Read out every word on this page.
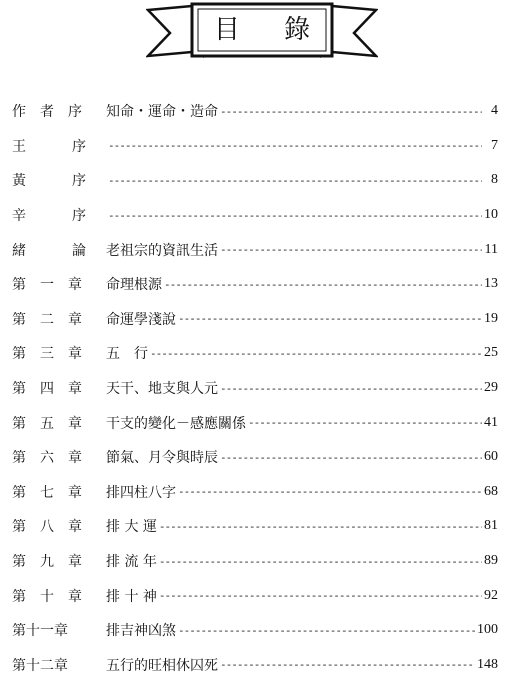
目 錄
作	者	序	知命・運命・造命 -----	4
王	序 -----	7
黃	序 -----	8
辛	序 -----	10
緒	論 老祖宗的資訊生活 -----	11
第	一	章	命理根源 -----	13
第	二	章	命運學淺說 -----	19
第	三	章	五　行 -----	25
第	四	章	天干、地支與人元 -----	29
第	五	章	干支的變化－感應關係 -----	41
第	六	章	節氣、月令與時辰 -----	60
第	七	章	排四柱八字 -----	68
第	八	章	排 大 運 -----	81
第	九	章	排 流 年 -----	89
第	十	章	排 十 神 -----	92
第 十 一 章	排吉神凶煞 -----	100
第 十 二 章	五行的旺相休囚死 -----	148
